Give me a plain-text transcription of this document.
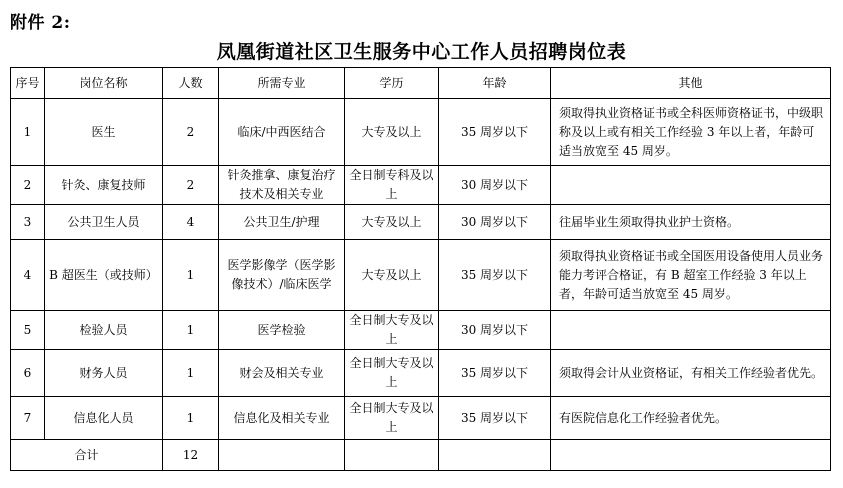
附件 2:
凤凰街道社区卫生服务中心工作人员招聘岗位表
序号	岗位名称	人数	所需专业	学历	年龄	其他
1	医生	2	临床/中西医结合	大专及以上	35 周岁以下	须取得执业资格证书或全科医师资格证书，中级职称及以上或有相关工作经验 3 年以上者，年龄可适当放宽至 45 周岁。
2	针灸、康复技师	2	针灸推拿、康复治疗技术及相关专业	全日制专科及以上	30 周岁以下	
3	公共卫生人员	4	公共卫生/护理	大专及以上	30 周岁以下	往届毕业生须取得执业护士资格。
4	B 超医生（或技师）	1	医学影像学（医学影像技术）/临床医学	大专及以上	35 周岁以下	须取得执业资格证书或全国医用设备使用人员业务能力考评合格证，有 B 超室工作经验 3 年以上者，年龄可适当放宽至 45 周岁。
5	检验人员	1	医学检验	全日制大专及以上	30 周岁以下	
6	财务人员	1	财会及相关专业	全日制大专及以上	35 周岁以下	须取得会计从业资格证，有相关工作经验者优先。
7	信息化人员	1	信息化及相关专业	全日制大专及以上	35 周岁以下	有医院信息化工作经验者优先。
合计		12				
